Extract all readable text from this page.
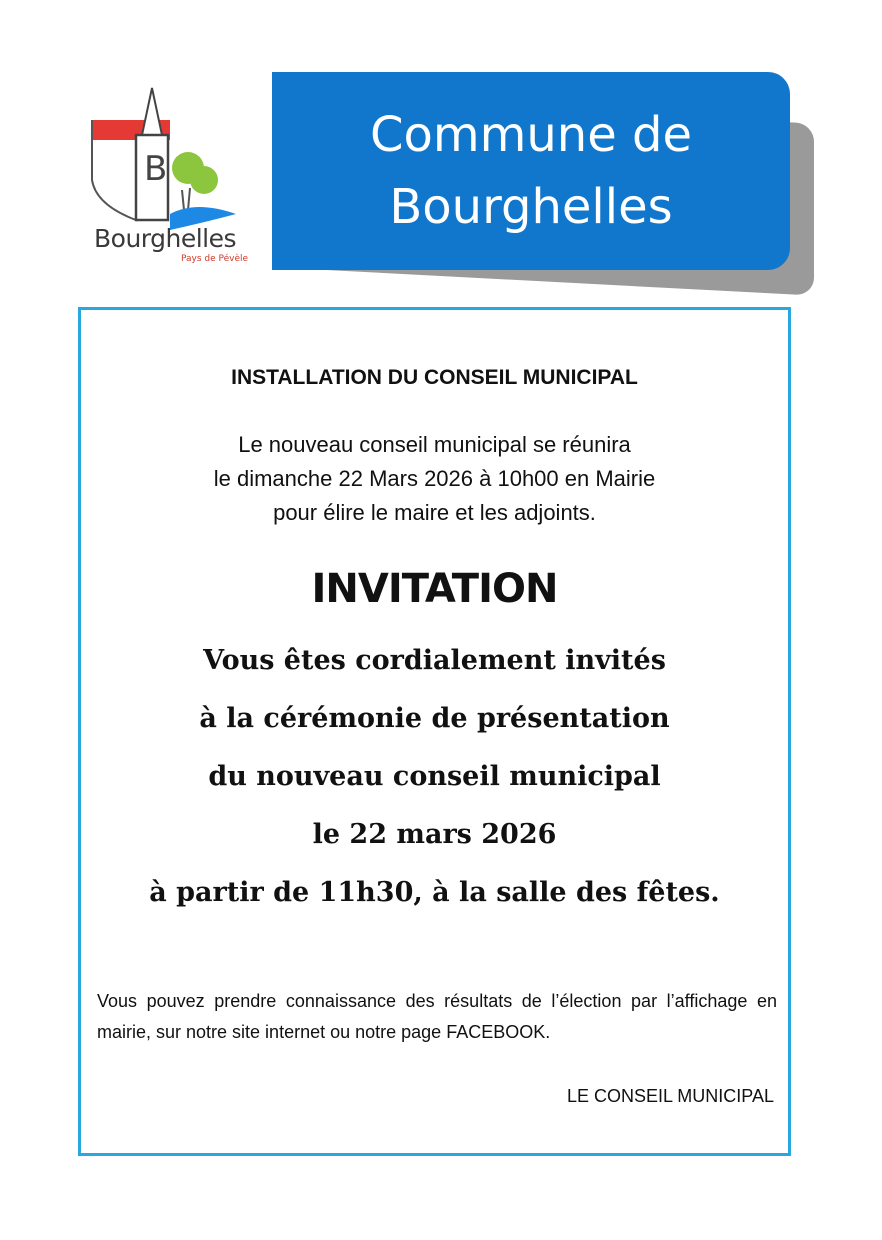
B
Bourghelles
Pays de Pévèle
Commune de Bourghelles
INSTALLATION DU CONSEIL MUNICIPAL
Le nouveau conseil municipal se réunira
le dimanche 22 Mars 2026 à 10h00 en Mairie
pour élire le maire et les adjoints.
INVITATION
Vous êtes cordialement invités
à la cérémonie de présentation
du nouveau conseil municipal
le 22 mars 2026
à partir de 11h30, à la salle des fêtes.
Vous pouvez prendre connaissance des résultats de l’élection par l’affichage en mairie, sur notre site internet ou notre page FACEBOOK.
LE CONSEIL MUNICIPAL
